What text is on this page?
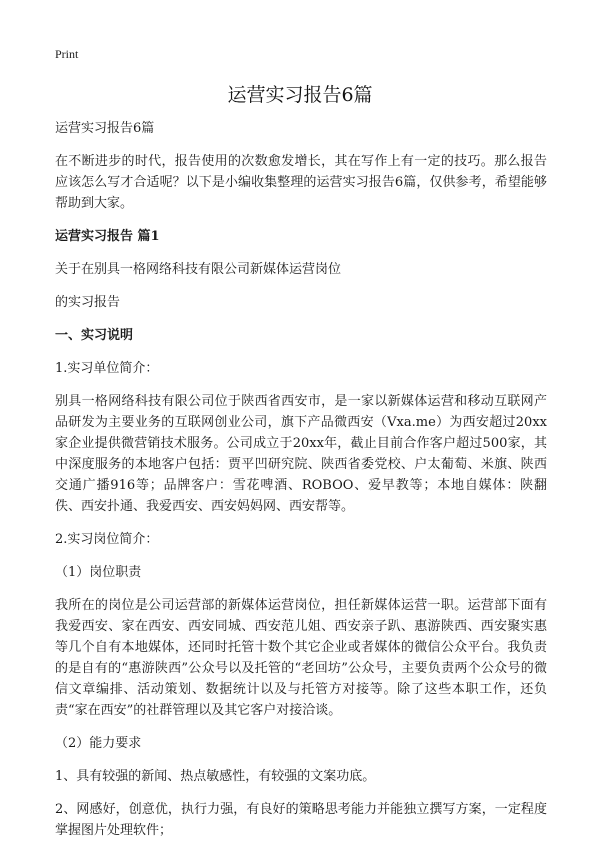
Print
运营实习报告6篇

运营实习报告6篇

在不断进步的时代，报告使用的次数愈发增长，其在写作上有一定的技巧。那么报告应该怎么写才合适呢？以下是小编收集整理的运营实习报告6篇，仅供参考，希望能够帮助到大家。

运营实习报告 篇1

关于在别具一格网络科技有限公司新媒体运营岗位

的实习报告

一、实习说明

1.实习单位简介：

别具一格网络科技有限公司位于陕西省西安市，是一家以新媒体运营和移动互联网产品研发为主要业务的互联网创业公司，旗下产品微西安（Vxa.me）为西安超过20xx家企业提供微营销技术服务。公司成立于20xx年，截止目前合作客户超过500家，其中深度服务的本地客户包括：贾平凹研究院、陕西省委党校、户太葡萄、米旗、陕西交通广播916等；品牌客户：雪花啤酒、ROBOO、爱早教等；本地自媒体：陕翻佚、西安扑通、我爱西安、西安妈妈网、西安帮等。

2.实习岗位简介：

（1）岗位职责

我所在的岗位是公司运营部的新媒体运营岗位，担任新媒体运营一职。运营部下面有我爱西安、家在西安、西安同城、西安范儿姐、西安亲子趴、惠游陕西、西安聚实惠等几个自有本地媒体，还同时托管十数个其它企业或者媒体的微信公众平台。我负责的是自有的“惠游陕西”公众号以及托管的“老回坊”公众号，主要负责两个公众号的微信文章编排、活动策划、数据统计以及与托管方对接等。除了这些本职工作，还负责“家在西安”的社群管理以及其它客户对接洽谈。

（2）能力要求

1、具有较强的新闻、热点敏感性，有较强的文案功底。

2、网感好，创意优，执行力强，有良好的策略思考能力并能独立撰写方案，一定程度掌握图片处理软件；
